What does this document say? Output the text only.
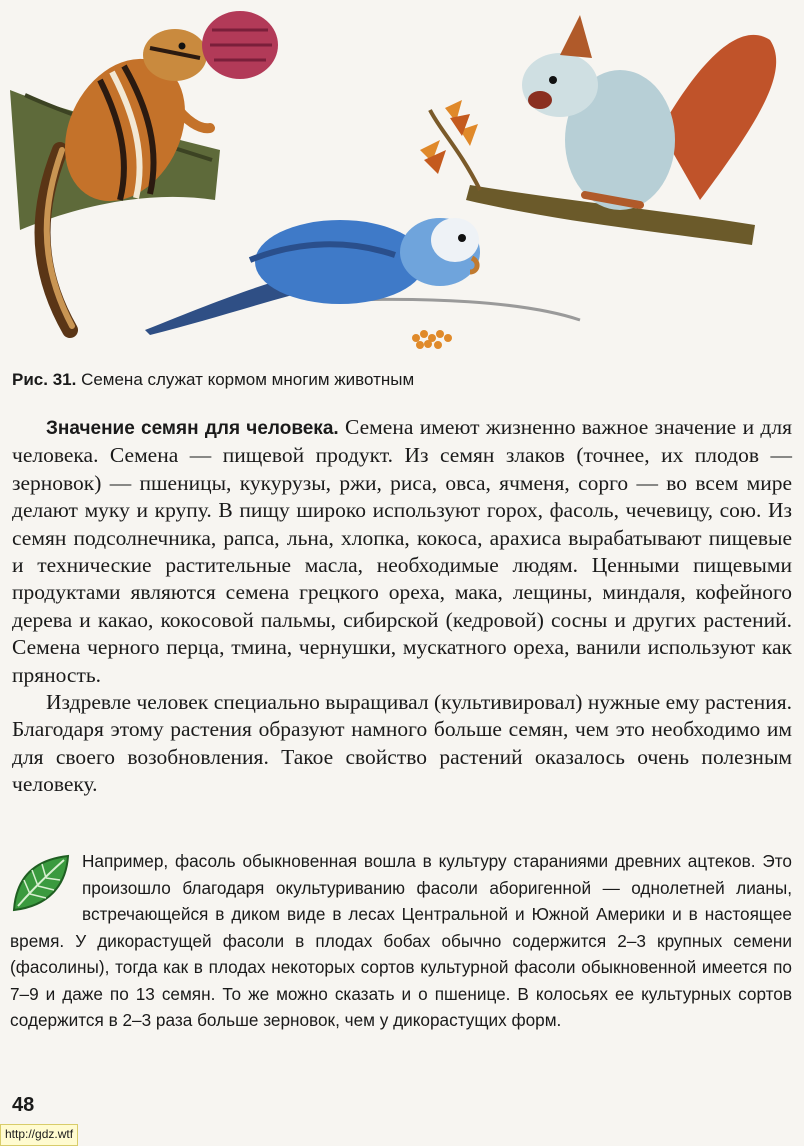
Рис. 31. Семена служат кормом многим животным

Значение семян для человека. Семена имеют жизненно важное значение и для человека. Семена — пищевой продукт. Из семян злаков (точнее, их плодов — зерновок) — пшеницы, кукурузы, ржи, риса, овса, ячменя, сорго — во всем мире делают муку и крупу. В пищу широко используют горох, фасоль, чечевицу, сою. Из семян подсолнечника, рапса, льна, хлопка, кокоса, арахиса вырабатывают пищевые и технические растительные масла, необходимые людям. Ценными пищевыми продуктами являются семена грецкого ореха, мака, лещины, миндаля, кофейного дерева и какао, кокосовой пальмы, сибирской (кедровой) сосны и других растений. Семена черного перца, тмина, чернушки, мускатного ореха, ванили используют как пряность.

Издревле человек специально выращивал (культивировал) нужные ему растения. Благодаря этому растения образуют намного больше семян, чем это необходимо им для своего возобновления. Такое свойство растений оказалось очень полезным человеку.

Например, фасоль обыкновенная вошла в культуру стараниями древних ацтеков. Это произошло благодаря окультуриванию фасоли аборигенной — однолетней лианы, встречающейся в диком виде в лесах Центральной и Южной Америки и в настоящее время. У дикорастущей фасоли в плодах бобах обычно содержится 2–3 крупных семени (фасолины), тогда как в плодах некоторых сортов культурной фасоли обыкновенной имеется по 7–9 и даже по 13 семян. То же можно сказать и о пшенице. В колосьях ее культурных сортов содержится в 2–3 раза больше зерновок, чем у дикорастущих форм.
48
http://gdz.wtf
